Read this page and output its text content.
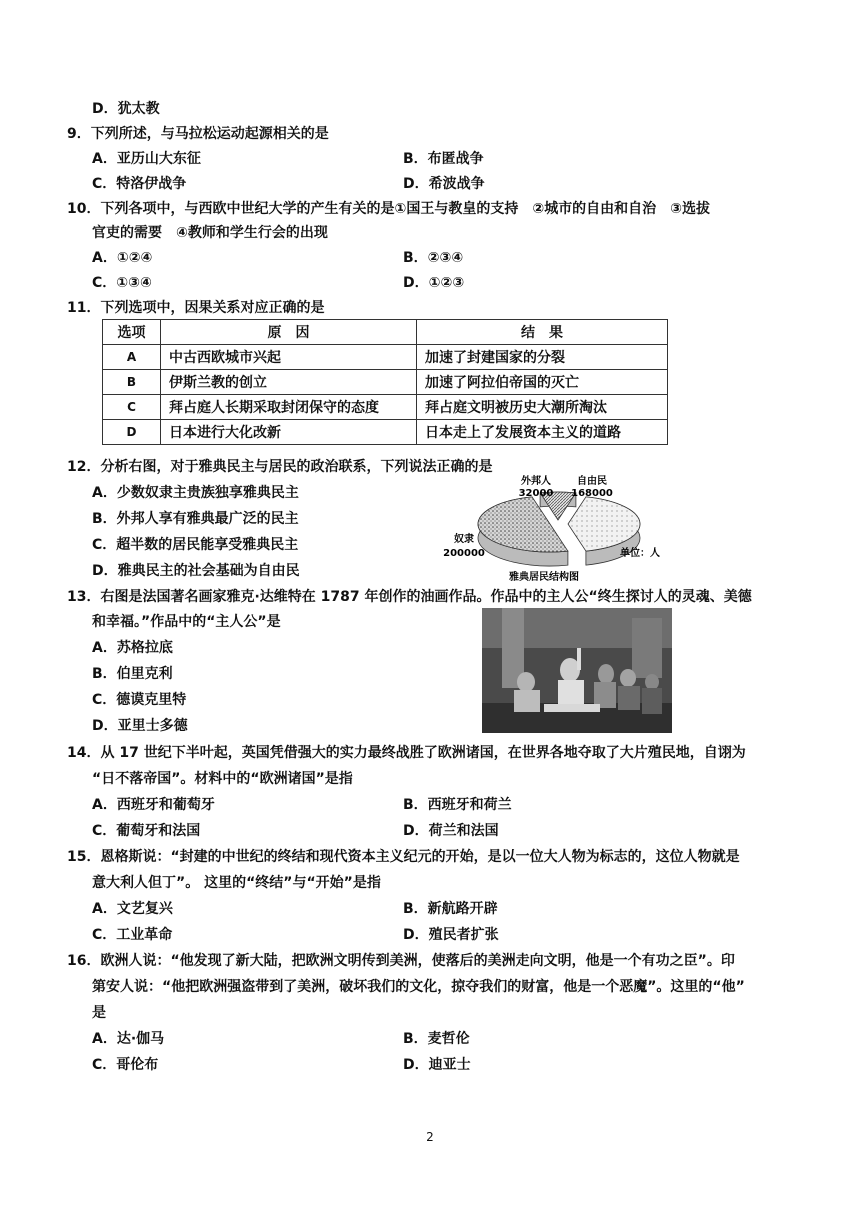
D．犹太教
9．下列所述，与马拉松运动起源相关的是
A．亚历山大东征	B．布匿战争
C．特洛伊战争	D．希波战争
10．下列各项中，与西欧中世纪大学的产生有关的是①国王与教皇的支持　②城市的自由和自治　③选拔
官吏的需要　④教师和学生行会的出现
A．①②④	B．②③④
C．①③④	D．①②③
11．下列选项中，因果关系对应正确的是
选项	原　因	结　果
A	中古西欧城市兴起	加速了封建国家的分裂
B	伊斯兰教的创立	加速了阿拉伯帝国的灭亡
C	拜占庭人长期采取封闭保守的态度	拜占庭文明被历史大潮所淘汰
D	日本进行大化改新	日本走上了发展资本主义的道路
12．分析右图，对于雅典民主与居民的政治联系，下列说法正确的是
A．少数奴隶主贵族独享雅典民主
B．外邦人享有雅典最广泛的民主
C．超半数的居民能享受雅典民主
D．雅典民主的社会基础为自由民
外邦人
32000
自由民
168000
奴隶
200000	单位：人
雅典居民结构图
13．右图是法国著名画家雅克·达维特在 1787 年创作的油画作品。作品中的主人公“终生探讨人的灵魂、美德
和幸福。”作品中的“主人公”是
A．苏格拉底
B．伯里克利
C．德谟克里特
D．亚里士多德
14．从 17 世纪下半叶起，英国凭借强大的实力最终战胜了欧洲诸国，在世界各地夺取了大片殖民地，自诩为
“日不落帝国”。材料中的“欧洲诸国”是指
A．西班牙和葡萄牙	B．西班牙和荷兰
C．葡萄牙和法国	D．荷兰和法国
15．恩格斯说：“封建的中世纪的终结和现代资本主义纪元的开始，是以一位大人物为标志的，这位人物就是
意大利人但丁”。 这里的“终结”与“开始”是指
A．文艺复兴	B．新航路开辟
C．工业革命	D．殖民者扩张
16．欧洲人说：“他发现了新大陆，把欧洲文明传到美洲，使落后的美洲走向文明，他是一个有功之臣”。印
第安人说：“他把欧洲强盗带到了美洲，破坏我们的文化，掠夺我们的财富，他是一个恶魔”。这里的“他”
是
A．达·伽马	B．麦哲伦
C．哥伦布	D．迪亚士
2
